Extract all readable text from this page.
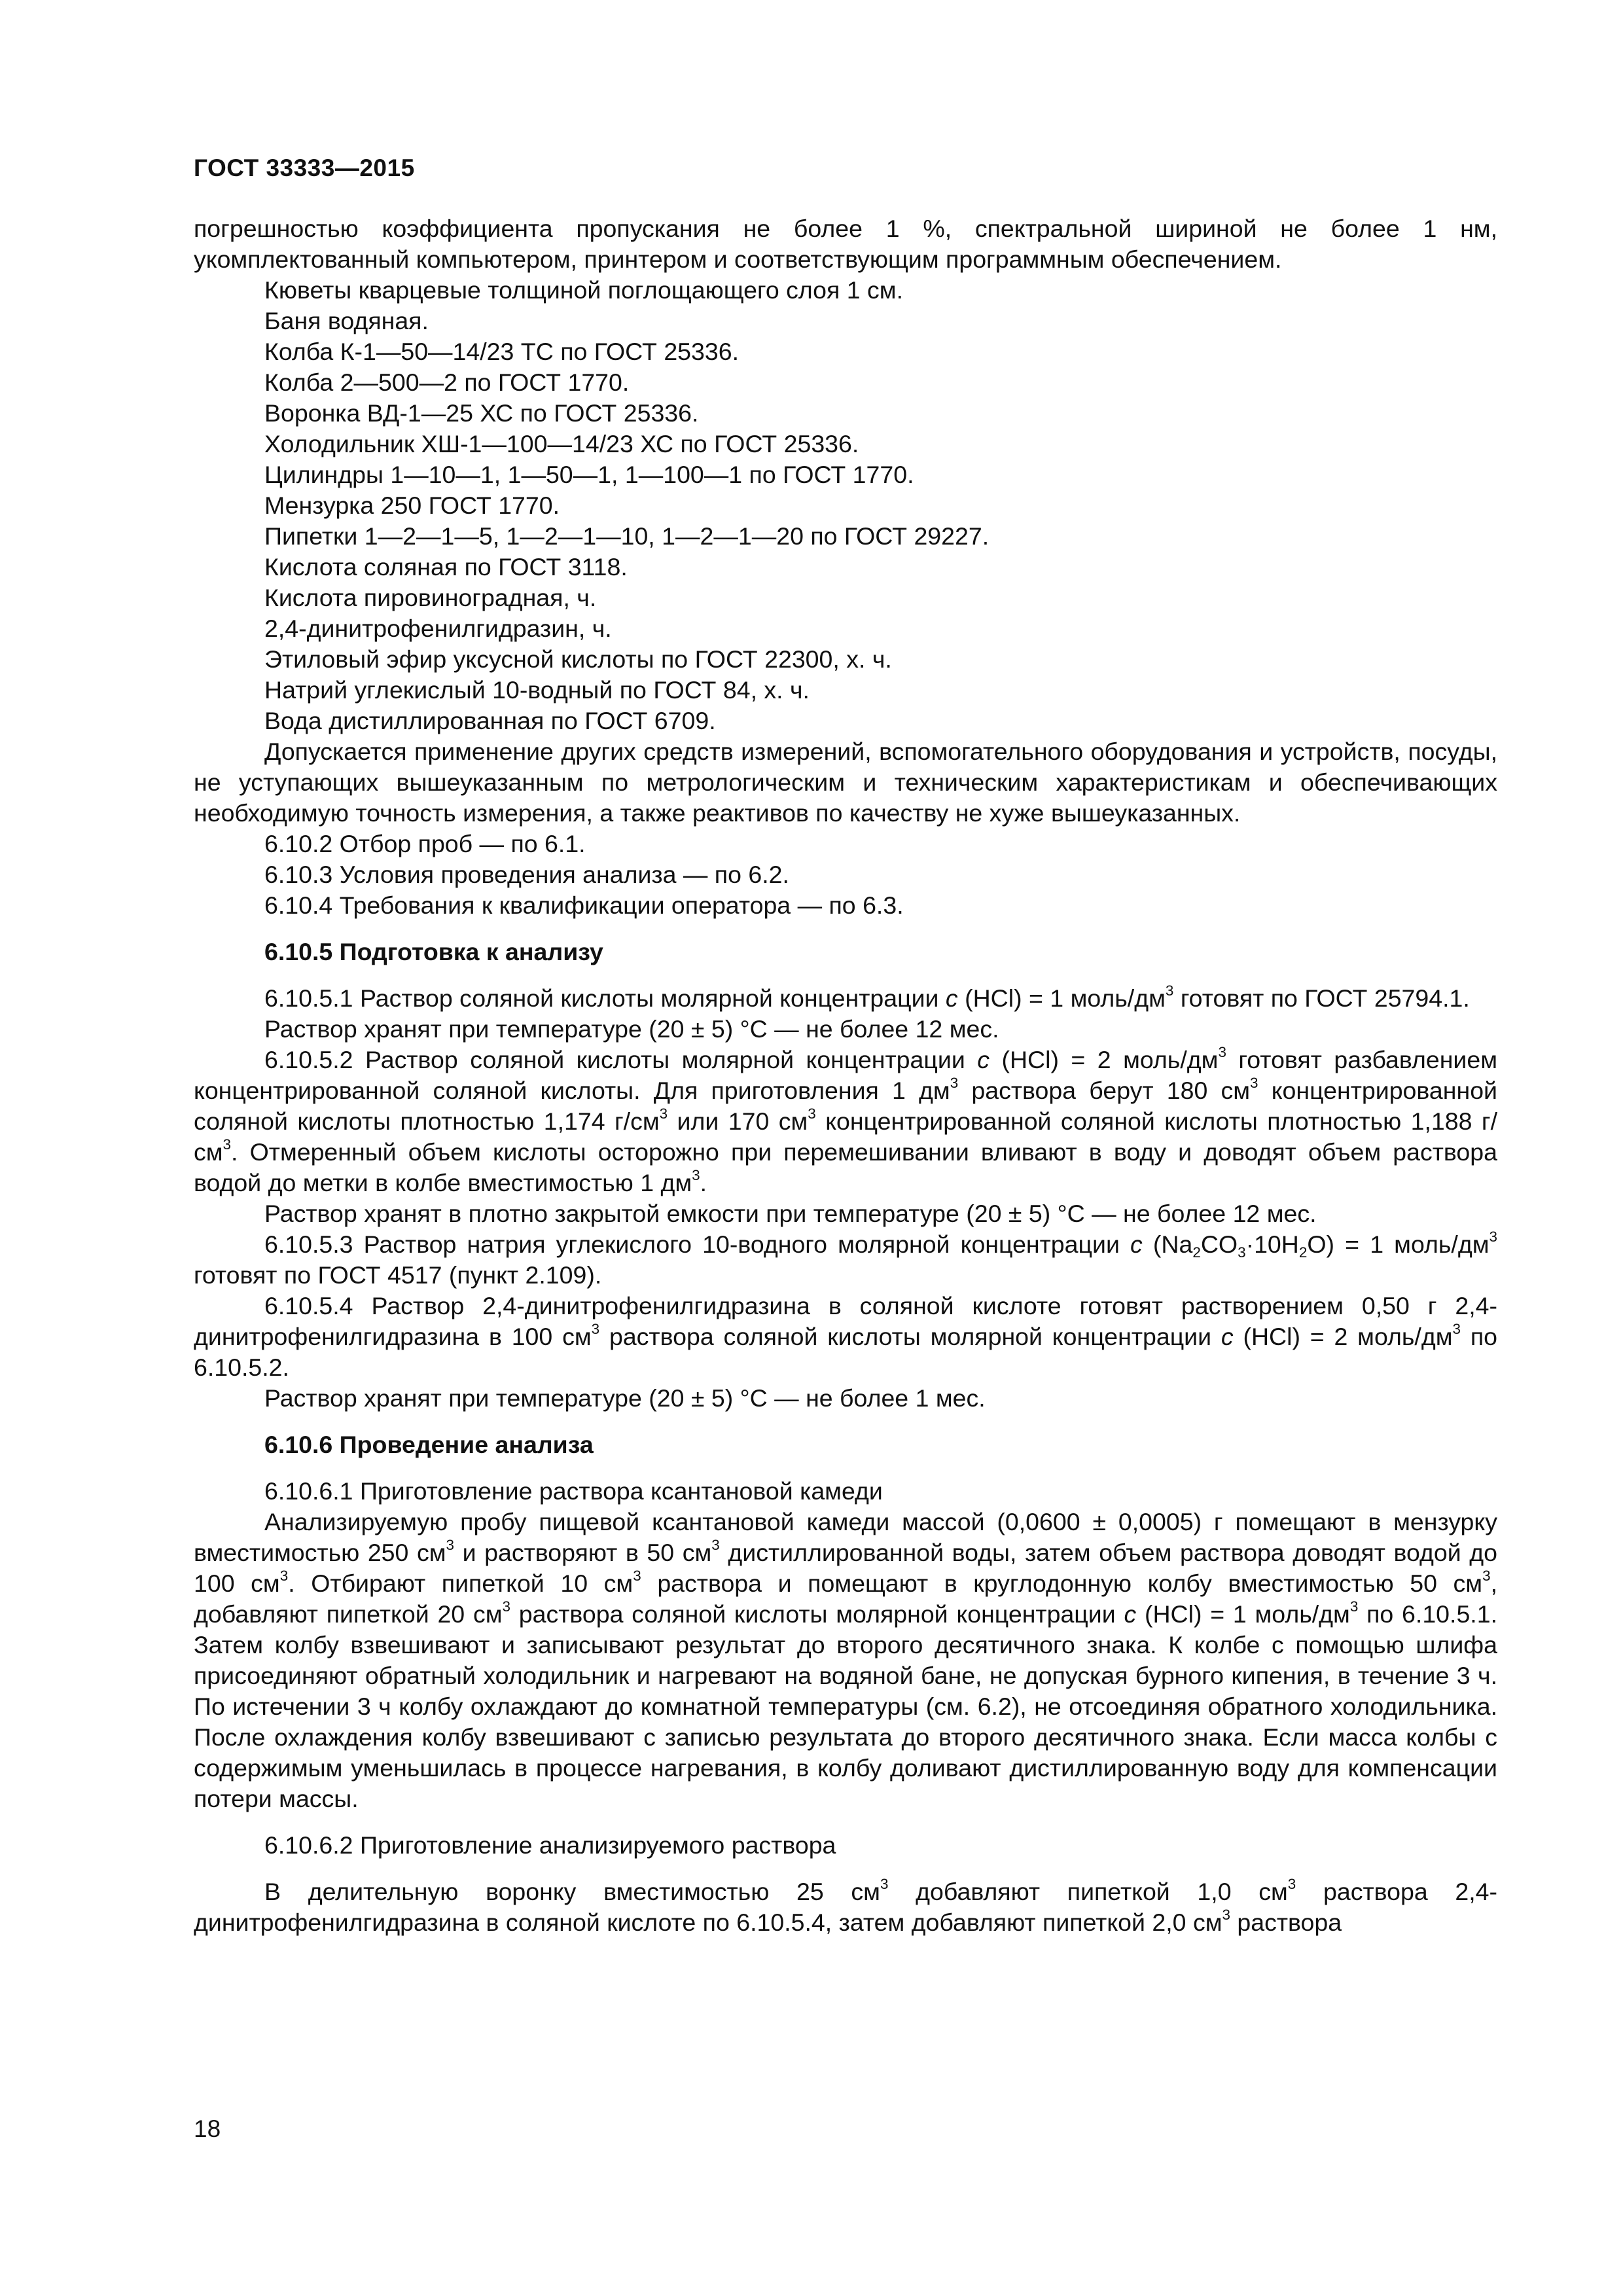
ГОСТ 33333—2015

погрешностью коэффициента пропускания не более 1 %, спектральной шириной не более 1 нм, укомплектованный компьютером, принтером и соответствующим программным обеспечением.

Кюветы кварцевые толщиной поглощающего слоя 1 см.

Баня водяная.

Колба К-1—50—14/23 ТС по ГОСТ 25336.

Колба 2—500—2 по ГОСТ 1770.

Воронка ВД-1—25 ХС по ГОСТ 25336.

Холодильник ХШ-1—100—14/23 ХС по ГОСТ 25336.

Цилиндры 1—10—1, 1—50—1, 1—100—1 по ГОСТ 1770.

Мензурка 250 ГОСТ 1770.

Пипетки 1—2—1—5, 1—2—1—10, 1—2—1—20 по ГОСТ 29227.

Кислота соляная по ГОСТ 3118.

Кислота пировиноградная, ч.

2,4-динитрофенилгидразин, ч.

Этиловый эфир уксусной кислоты по ГОСТ 22300, х. ч.

Натрий углекислый 10-водный по ГОСТ 84, х. ч.

Вода дистиллированная по ГОСТ 6709.

Допускается применение других средств измерений, вспомогательного оборудования и устройств, посуды, не уступающих вышеуказанным по метрологическим и техническим характеристикам и обеспечивающих необходимую точность измерения, а также реактивов по качеству не хуже вышеуказанных.

6.10.2 Отбор проб — по 6.1.

6.10.3 Условия проведения анализа — по 6.2.

6.10.4 Требования к квалификации оператора — по 6.3.

6.10.5 Подготовка к анализу

6.10.5.1 Раствор соляной кислоты молярной концентрации c (HCl) = 1 моль/$дм^3$ готовят по ГОСТ 25794.1.

Раствор хранят при температуре (20 ± 5) °С — не более 12 мес.

6.10.5.2 Раствор соляной кислоты молярной концентрации c (HCl) = 2 моль/$дм^3$ готовят разбавлением концентрированной соляной кислоты. Для приготовления 1 $дм^3$ раствора берут 180 $см^3$ концентрированной соляной кислоты плотностью 1,174 $г/см^3$ или 170 $см^3$ концентрированной соляной кислоты плотностью 1,188 $г/см^3$. Отмеренный объем кислоты осторожно при перемешивании вливают в воду и доводят объем раствора водой до метки в колбе вместимостью 1 $дм^3$.

Раствор хранят в плотно закрытой емкости при температуре (20 ± 5) °С — не более 12 мес.

6.10.5.3 Раствор натрия углекислого 10-водного молярной концентрации c $(Na_2CO_3\cdot 10H_2O) = 1$ моль/$дм^3$ готовят по ГОСТ 4517 (пункт 2.109).

6.10.5.4 Раствор 2,4-динитрофенилгидразина в соляной кислоте готовят растворением 0,50 г 2,4-динитрофенилгидразина в 100 $см^3$ раствора соляной кислоты молярной концентрации c (HCl) = 2 моль/$дм^3$ по 6.10.5.2.

Раствор хранят при температуре (20 ± 5) °С — не более 1 мес.

6.10.6 Проведение анализа

6.10.6.1 Приготовление раствора ксантановой камеди

Анализируемую пробу пищевой ксантановой камеди массой (0,0600 ± 0,0005) г помещают в мензурку вместимостью 250 $см^3$ и растворяют в 50 $см^3$ дистиллированной воды, затем объем раствора доводят водой до 100 $см^3$. Отбирают пипеткой 10 $см^3$ раствора и помещают в круглодонную колбу вместимостью 50 $см^3$, добавляют пипеткой 20 $см^3$ раствора соляной кислоты молярной концентрации c (HCl) = 1 моль/$дм^3$ по 6.10.5.1. Затем колбу взвешивают и записывают результат до второго десятичного знака. К колбе с помощью шлифа присоединяют обратный холодильник и нагревают на водяной бане, не допуская бурного кипения, в течение 3 ч. По истечении 3 ч колбу охлаждают до комнатной температуры (см. 6.2), не отсоединяя обратного холодильника. После охлаждения колбу взвешивают с записью результата до второго десятичного знака. Если масса колбы с содержимым уменьшилась в процессе нагревания, в колбу доливают дистиллированную воду для компенсации потери массы.

6.10.6.2 Приготовление анализируемого раствора

В делительную воронку вместимостью 25 $см^3$ добавляют пипеткой 1,0 $см^3$ раствора 2,4-динитрофенилгидразина в соляной кислоте по 6.10.5.4, затем добавляют пипеткой 2,0 $см^3$ раствора

18
